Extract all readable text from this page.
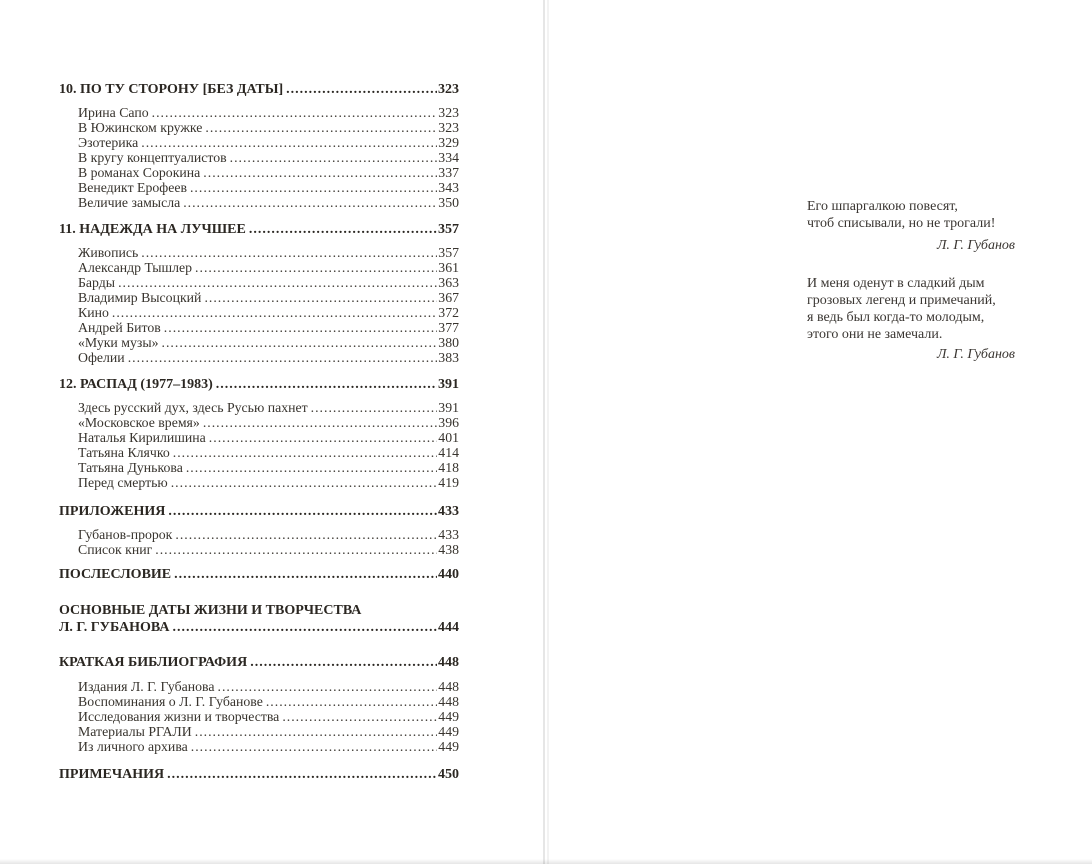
10. ПО ТУ СТОРОНУ [БЕЗ ДАТЫ] .....	323
Ирина Сапо .....	323
В Южинском кружке .....	323
Эзотерика .....	329
В кругу концептуалистов .....	334
В романах Сорокина .....	337
Венедикт Ерофеев .....	343
Величие замысла .....	350
11. НАДЕЖДА НА ЛУЧШЕЕ .....	357
Живопись .....	357
Александр Тышлер .....	361
Барды .....	363
Владимир Высоцкий .....	367
Кино .....	372
Андрей Битов .....	377
«Муки музы» .....	380
Офелии .....	383
12. РАСПАД (1977–1983) .....	391
Здесь русский дух, здесь Русью пахнет .....	391
«Московское время» .....	396
Наталья Кирилишина .....	401
Татьяна Клячко .....	414
Татьяна Дунькова .....	418
Перед смертью .....	419
ПРИЛОЖЕНИЯ .....	433
Губанов-пророк .....	433
Список книг .....	438
ПОСЛЕСЛОВИЕ .....	440
ОСНОВНЫЕ ДАТЫ ЖИЗНИ И ТВОРЧЕСТВА
Л. Г. ГУБАНОВА .....	444
КРАТКАЯ БИБЛИОГРАФИЯ .....	448
Издания Л. Г. Губанова .....	448
Воспоминания о Л. Г. Губанове .....	448
Исследования жизни и творчества .....	449
Материалы РГАЛИ .....	449
Из личного архива .....	449
ПРИМЕЧАНИЯ .....	450
Его шпаргалкою повесят,
чтоб списывали, но не трогали!
Л. Г. Губанов
И меня оденут в сладкий дым
грозовых легенд и примечаний,
я ведь был когда-то молодым,
этого они не замечали.
Л. Г. Губанов
